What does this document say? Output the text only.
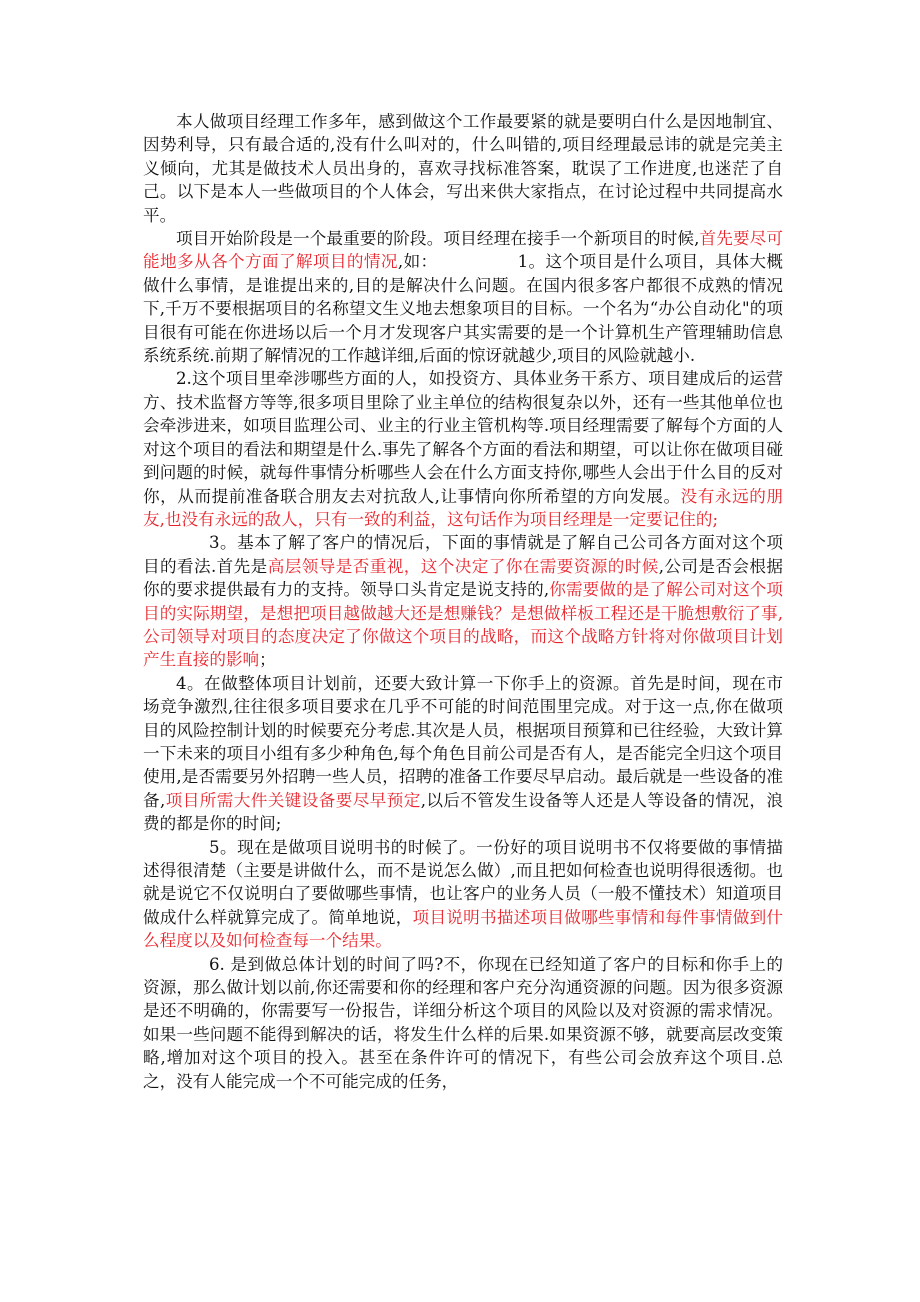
本人做项目经理工作多年，感到做这个工作最要紧的就是要明白什么是因地制宜、因势利导，只有最合适的,没有什么叫对的，什么叫错的,项目经理最忌讳的就是完美主义倾向，尤其是做技术人员出身的，喜欢寻找标准答案，耽误了工作进度,也迷茫了自己。以下是本人一些做项目的个人体会，写出来供大家指点，在讨论过程中共同提高水平。

项目开始阶段是一个最重要的阶段。项目经理在接手一个新项目的时候,首先要尽可能地多从各个方面了解项目的情况,如：	1。这个项目是什么项目，具体大概做什么事情，是谁提出来的,目的是解决什么问题。在国内很多客户都很不成熟的情况下,千万不要根据项目的名称望文生义地去想象项目的目标。一个名为“办公自动化"的项目很有可能在你进场以后一个月才发现客户其实需要的是一个计算机生产管理辅助信息系统系统.前期了解情况的工作越详细,后面的惊讶就越少,项目的风险就越小.

2.这个项目里牵涉哪些方面的人，如投资方、具体业务干系方、项目建成后的运营方、技术监督方等等,很多项目里除了业主单位的结构很复杂以外，还有一些其他单位也会牵涉进来，如项目监理公司、业主的行业主管机构等.项目经理需要了解每个方面的人对这个项目的看法和期望是什么.事先了解各个方面的看法和期望，可以让你在做项目碰到问题的时候，就每件事情分析哪些人会在什么方面支持你,哪些人会出于什么目的反对你，从而提前准备联合朋友去对抗敌人,让事情向你所希望的方向发展。没有永远的朋友,也没有永远的敌人，只有一致的利益，这句话作为项目经理是一定要记住的;

3。基本了解了客户的情况后，下面的事情就是了解自己公司各方面对这个项目的看法.首先是高层领导是否重视，这个决定了你在需要资源的时候,公司是否会根据你的要求提供最有力的支持。领导口头肯定是说支持的,你需要做的是了解公司对这个项目的实际期望，是想把项目越做越大还是想赚钱？是想做样板工程还是干脆想敷衍了事,公司领导对项目的态度决定了你做这个项目的战略，而这个战略方针将对你做项目计划产生直接的影响；

4。在做整体项目计划前，还要大致计算一下你手上的资源。首先是时间，现在市场竞争激烈,往往很多项目要求在几乎不可能的时间范围里完成。对于这一点,你在做项目的风险控制计划的时候要充分考虑.其次是人员，根据项目预算和已往经验，大致计算一下未来的项目小组有多少种角色,每个角色目前公司是否有人，是否能完全归这个项目使用,是否需要另外招聘一些人员，招聘的准备工作要尽早启动。最后就是一些设备的准备,项目所需大件关键设备要尽早预定,以后不管发生设备等人还是人等设备的情况，浪费的都是你的时间;

5。现在是做项目说明书的时候了。一份好的项目说明书不仅将要做的事情描述得很清楚（主要是讲做什么，而不是说怎么做）,而且把如何检查也说明得很透彻。也就是说它不仅说明白了要做哪些事情，也让客户的业务人员（一般不懂技术）知道项目做成什么样就算完成了。简单地说，项目说明书描述项目做哪些事情和每件事情做到什么程度以及如何检查每一个结果。

6. 是到做总体计划的时间了吗?不，你现在已经知道了客户的目标和你手上的资源，那么做计划以前,你还需要和你的经理和客户充分沟通资源的问题。因为很多资源是还不明确的，你需要写一份报告，详细分析这个项目的风险以及对资源的需求情况。如果一些问题不能得到解决的话，将发生什么样的后果.如果资源不够，就要高层改变策略,增加对这个项目的投入。甚至在条件许可的情况下，有些公司会放弃这个项目.总之，没有人能完成一个不可能完成的任务，
